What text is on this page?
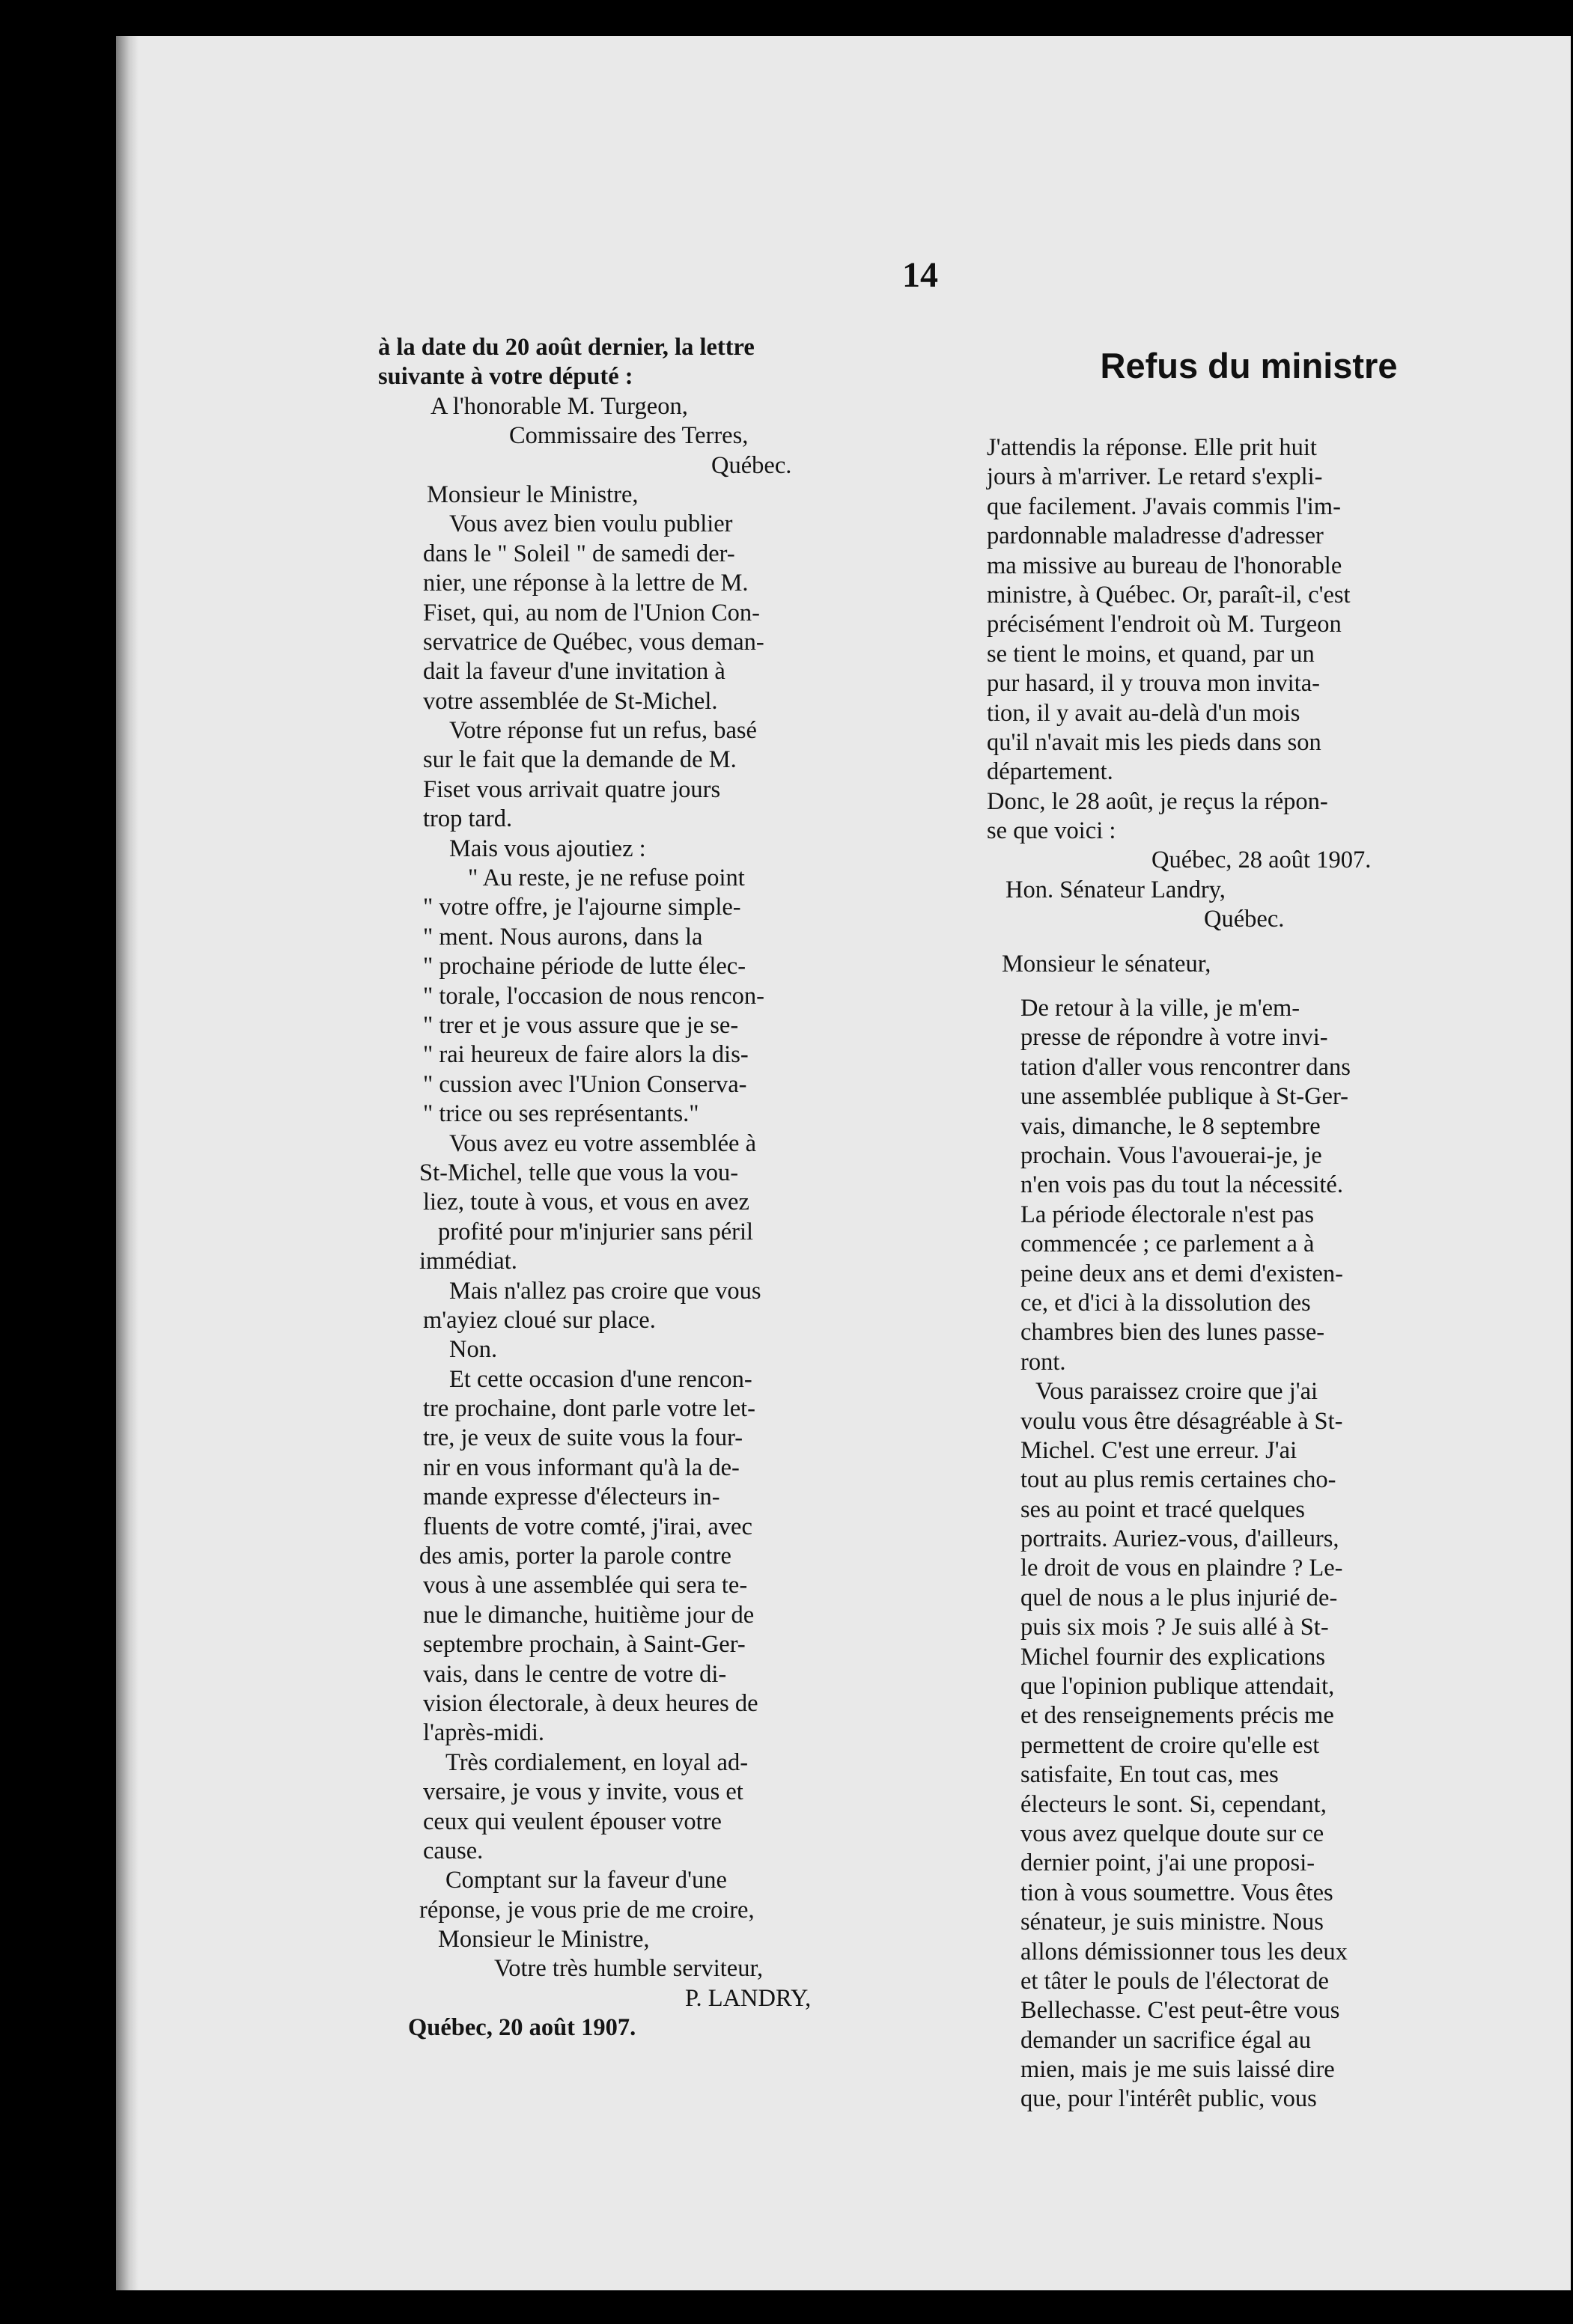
14
à la date du 20 août dernier, la lettre
suivante à votre député :
A l'honorable M. Turgeon,
Commissaire des Terres,
Québec.
Monsieur le Ministre,
Vous avez bien voulu publier
dans le " Soleil " de samedi der-
nier, une réponse à la lettre de M.
Fiset, qui, au nom de l'Union Con-
servatrice de Québec, vous deman-
dait la faveur d'une invitation à
votre assemblée de St-Michel.
Votre réponse fut un refus, basé
sur le fait que la demande de M.
Fiset vous arrivait quatre jours
trop tard.
Mais vous ajoutiez :
" Au reste, je ne refuse point
" votre offre, je l'ajourne simple-
" ment. Nous aurons, dans la
" prochaine période de lutte élec-
" torale, l'occasion de nous rencon-
" trer et je vous assure que je se-
" rai heureux de faire alors la dis-
" cussion avec l'Union Conserva-
" trice ou ses représentants."
Vous avez eu votre assemblée à
St-Michel, telle que vous la vou-
liez, toute à vous, et vous en avez
profité pour m'injurier sans péril
immédiat.
Mais n'allez pas croire que vous
m'ayiez cloué sur place.
Non.
Et cette occasion d'une rencon-
tre prochaine, dont parle votre let-
tre, je veux de suite vous la four-
nir en vous informant qu'à la de-
mande expresse d'électeurs in-
fluents de votre comté, j'irai, avec
des amis, porter la parole contre
vous à une assemblée qui sera te-
nue le dimanche, huitième jour de
septembre prochain, à Saint-Ger-
vais, dans le centre de votre di-
vision électorale, à deux heures de
l'après-midi.
Très cordialement, en loyal ad-
versaire, je vous y invite, vous et
ceux qui veulent épouser votre
cause.
Comptant sur la faveur d'une
réponse, je vous prie de me croire,
Monsieur le Ministre,
Votre très humble serviteur,
P. LANDRY,
Québec, 20 août 1907.
Refus du ministre
J'attendis la réponse. Elle prit huit
jours à m'arriver. Le retard s'expli-
que facilement. J'avais commis l'im-
pardonnable maladresse d'adresser
ma missive au bureau de l'honorable
ministre, à Québec. Or, paraît-il, c'est
précisément l'endroit où M. Turgeon
se tient le moins, et quand, par un
pur hasard, il y trouva mon invita-
tion, il y avait au-delà d'un mois
qu'il n'avait mis les pieds dans son
département.
Donc, le 28 août, je reçus la répon-
se que voici :
Québec, 28 août 1907.
Hon. Sénateur Landry,
Québec.
Monsieur le sénateur,
De retour à la ville, je m'em-
presse de répondre à votre invi-
tation d'aller vous rencontrer dans
une assemblée publique à St-Ger-
vais, dimanche, le 8 septembre
prochain. Vous l'avouerai-je, je
n'en vois pas du tout la nécessité.
La période électorale n'est pas
commencée ; ce parlement a à
peine deux ans et demi d'existen-
ce, et d'ici à la dissolution des
chambres bien des lunes passe-
ront.
Vous paraissez croire que j'ai
voulu vous être désagréable à St-
Michel. C'est une erreur. J'ai
tout au plus remis certaines cho-
ses au point et tracé quelques
portraits. Auriez-vous, d'ailleurs,
le droit de vous en plaindre ? Le-
quel de nous a le plus injurié de-
puis six mois ? Je suis allé à St-
Michel fournir des explications
que l'opinion publique attendait,
et des renseignements précis me
permettent de croire qu'elle est
satisfaite, En tout cas, mes
électeurs le sont. Si, cependant,
vous avez quelque doute sur ce
dernier point, j'ai une proposi-
tion à vous soumettre. Vous êtes
sénateur, je suis ministre. Nous
allons démissionner tous les deux
et tâter le pouls de l'électorat de
Bellechasse. C'est peut-être vous
demander un sacrifice égal au
mien, mais je me suis laissé dire
que, pour l'intérêt public, vous
